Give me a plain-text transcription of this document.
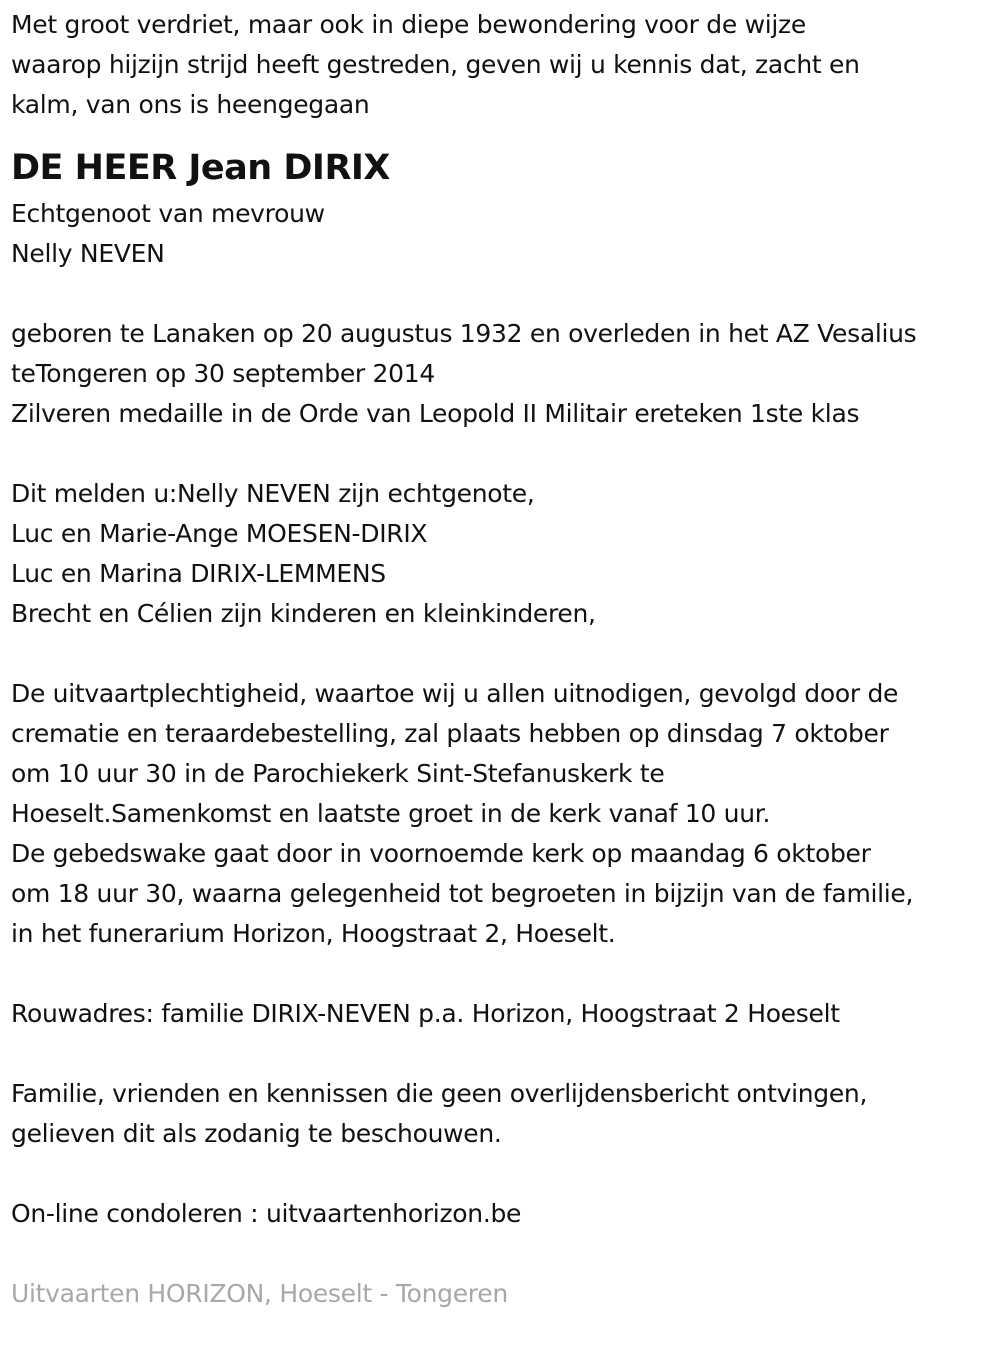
Met groot verdriet, maar ook in diepe bewondering voor de wijze
waarop hijzijn strijd heeft gestreden, geven wij u kennis dat, zacht en
kalm, van ons is heengegaan
DE HEER Jean DIRIX
Echtgenoot van mevrouw
Nelly NEVEN
geboren te Lanaken op 20 augustus 1932 en overleden in het AZ Vesalius
teTongeren op 30 september 2014
Zilveren medaille in de Orde van Leopold II Militair ereteken 1ste klas
Dit melden u:Nelly NEVEN zijn echtgenote,
Luc en Marie-Ange MOESEN-DIRIX
Luc en Marina DIRIX-LEMMENS
Brecht en Célien zijn kinderen en kleinkinderen,
De uitvaartplechtigheid, waartoe wij u allen uitnodigen, gevolgd door de
crematie en teraardebestelling, zal plaats hebben op dinsdag 7 oktober
om 10 uur 30 in de Parochiekerk Sint-Stefanuskerk te
Hoeselt.Samenkomst en laatste groet in de kerk vanaf 10 uur.
De gebedswake gaat door in voornoemde kerk op maandag 6 oktober
om 18 uur 30, waarna gelegenheid tot begroeten in bijzijn van de familie,
in het funerarium Horizon, Hoogstraat 2, Hoeselt.
Rouwadres: familie DIRIX-NEVEN p.a. Horizon, Hoogstraat 2 Hoeselt
Familie, vrienden en kennissen die geen overlijdensbericht ontvingen,
gelieven dit als zodanig te beschouwen.
On-line condoleren : uitvaartenhorizon.be
Uitvaarten HORIZON, Hoeselt - Tongeren
